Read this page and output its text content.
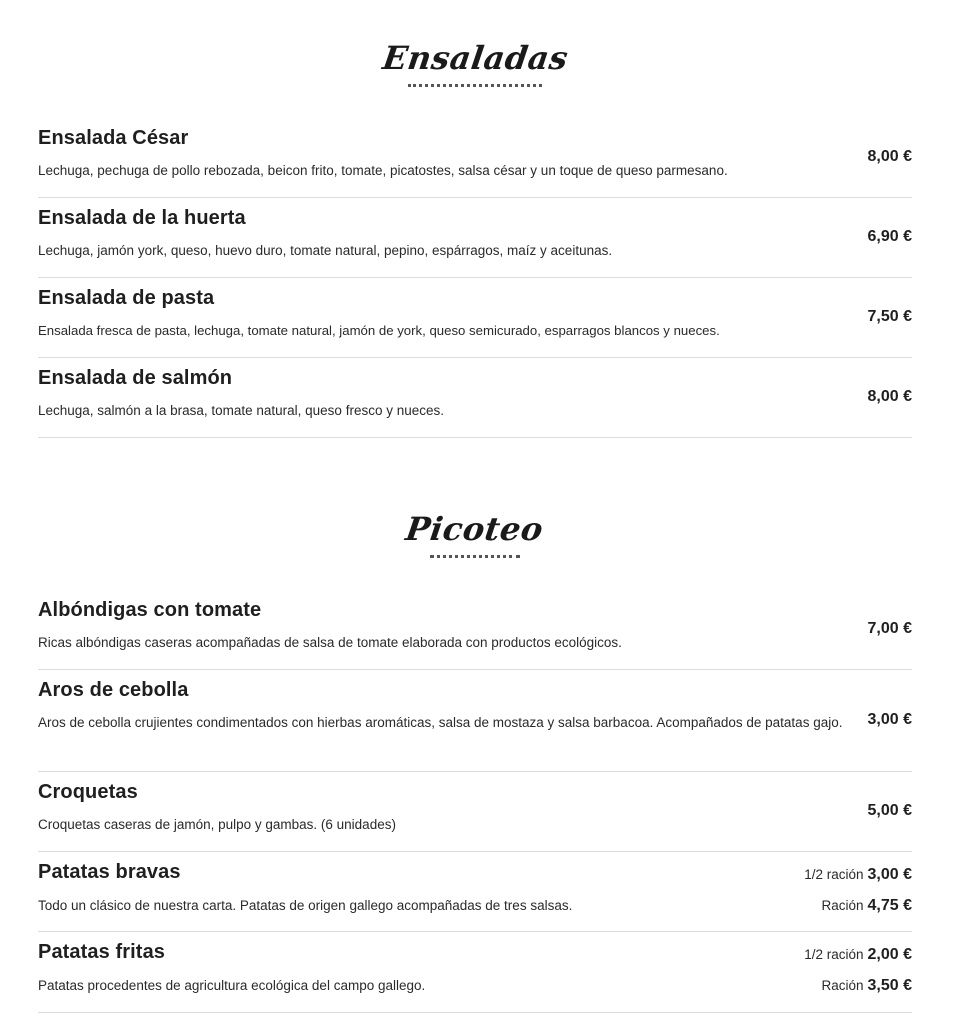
Ensaladas
Ensalada César
Lechuga, pechuga de pollo rebozada, beicon frito, tomate, picatostes, salsa césar y un toque de queso parmesano.
8,00 €
Ensalada de la huerta
Lechuga, jamón york, queso, huevo duro, tomate natural, pepino, espárragos, maíz y aceitunas.
6,90 €
Ensalada de pasta
Ensalada fresca de pasta, lechuga, tomate natural, jamón de york, queso semicurado, esparragos blancos y nueces.
7,50 €
Ensalada de salmón
Lechuga, salmón a la brasa, tomate natural, queso fresco y nueces.
8,00 €
Picoteo
Albóndigas con tomate
Ricas albóndigas caseras acompañadas de salsa de tomate elaborada con productos ecológicos.
7,00 €
Aros de cebolla
Aros de cebolla crujientes condimentados con hierbas aromáticas, salsa de mostaza y salsa barbacoa. Acompañados de patatas gajo. 3,00 €
Croquetas
Croquetas caseras de jamón, pulpo y gambas. (6 unidades)
5,00 €
Patatas bravas
Todo un clásico de nuestra carta. Patatas de origen gallego acompañadas de tres salsas.
1/2 ración 3,00 €
Ración 4,75 €
Patatas fritas
Patatas procedentes de agricultura ecológica del campo gallego.
1/2 ración 2,00 €
Ración 3,50 €
